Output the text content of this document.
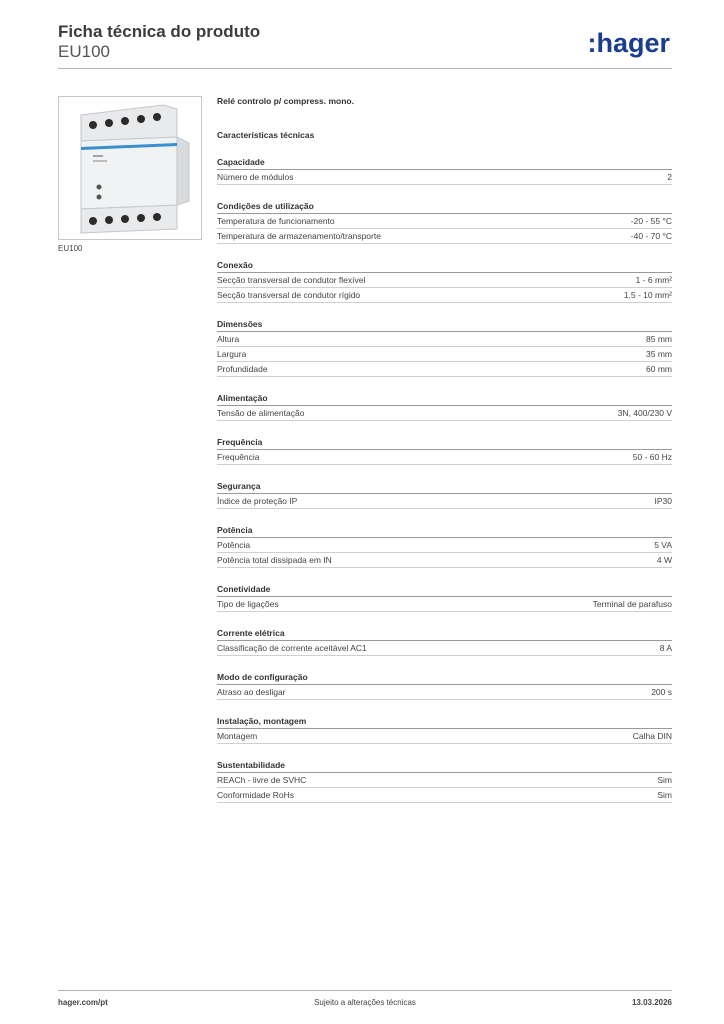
Ficha técnica do produto
EU100	:hager
EU100
Relé controlo p/ compress. mono.
Características técnicas
Capacidade
Número de módulos	2
Condições de utilização
Temperatura de funcionamento	-20 - 55 °C
Temperatura de armazenamento/transporte	-40 - 70 °C
Conexão
Secção transversal de condutor flexível	1 - 6 mm²
Secção transversal de condutor rígido	1.5 - 10 mm²
Dimensões
Altura	85 mm
Largura	35 mm
Profundidade	60 mm
Alimentação
Tensão de alimentação	3N, 400/230 V
Frequência
Frequência	50 - 60 Hz
Segurança
Índice de proteção IP	IP30
Potência
Potência	5 VA
Potência total dissipada em IN	4 W
Conetividade
Tipo de ligações	Terminal de parafuso
Corrente elétrica
Classificação de corrente aceitável AC1	8 A
Modo de configuração
Atraso ao desligar	200 s
Instalação, montagem
Montagem	Calha DIN
Sustentabilidade
REACh - livre de SVHC	Sim
Conformidade RoHs	Sim
hager.com/pt	Sujeito a alterações técnicas	13.03.2026
